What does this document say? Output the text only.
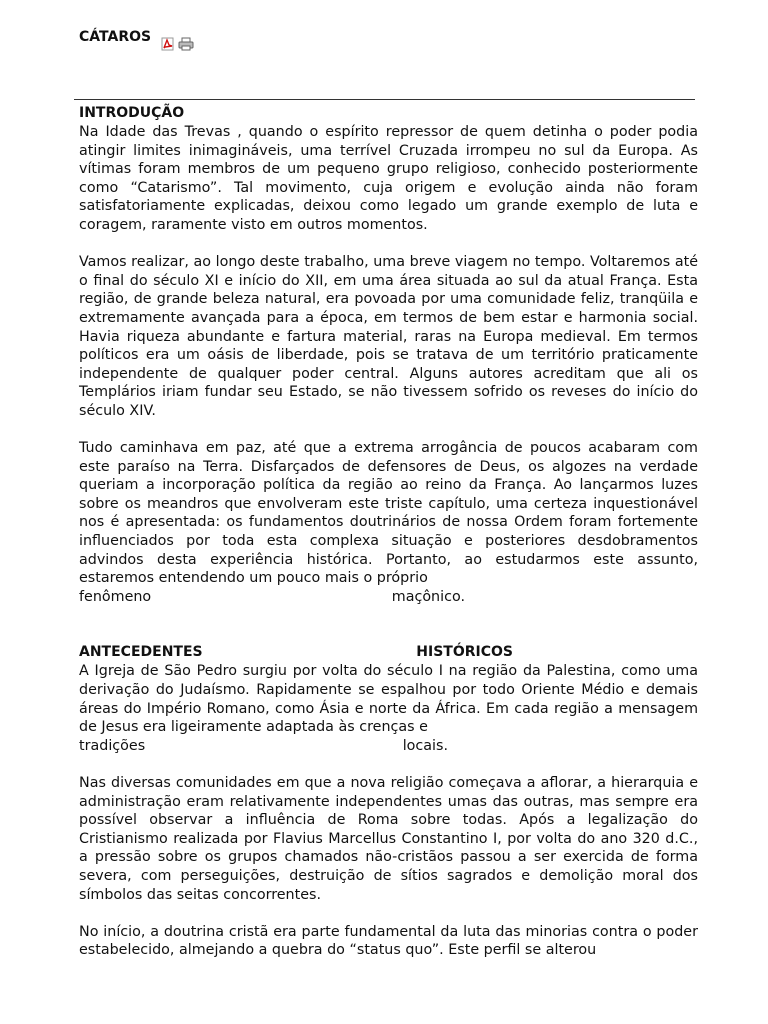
CÁTAROS
INTRODUÇÃO

Na Idade das Trevas , quando o espírito repressor de quem detinha o poder podia atingir limites inimagináveis, uma terrível Cruzada irrompeu no sul da Europa. As vítimas foram membros de um pequeno grupo religioso, conhecido posteriormente como “Catarismo”. Tal movimento, cuja origem e evolução ainda não foram satisfatoriamente explicadas, deixou como legado um grande exemplo de luta e coragem, raramente visto em outros momentos.

Vamos realizar, ao longo deste trabalho, uma breve viagem no tempo. Voltaremos até o final do século XI e início do XII, em uma área situada ao sul da atual França. Esta região, de grande beleza natural, era povoada por uma comunidade feliz, tranqüila e extremamente avançada para a época, em termos de bem estar e harmonia social. Havia riqueza abundante e fartura material, raras na Europa medieval. Em termos políticos era um oásis de liberdade, pois se tratava de um território praticamente independente de qualquer poder central. Alguns autores acreditam que ali os Templários iriam fundar seu Estado, se não tivessem sofrido os reveses do início do século XIV.

Tudo caminhava em paz, até que a extrema arrogância de poucos acabaram com este paraíso na Terra. Disfarçados de defensores de Deus, os algozes na verdade queriam a incorporação política da região ao reino da França. Ao lançarmos luzes sobre os meandros que envolveram este triste capítulo, uma certeza inquestionável nos é apresentada: os fundamentos doutrinários de nossa Ordem foram fortemente influenciados por toda esta complexa situação e posteriores desdobramentos advindos desta experiência histórica. Portanto, ao estudarmos este assunto, estaremos entendendo um pouco mais o próprio

fenômeno	maçônico.

ANTECEDENTES	HISTÓRICOS

A Igreja de São Pedro surgiu por volta do século I na região da Palestina, como uma derivação do Judaísmo. Rapidamente se espalhou por todo Oriente Médio e demais áreas do Império Romano, como Ásia e norte da África. Em cada região a mensagem de Jesus era ligeiramente adaptada às crenças e

tradições	locais.

Nas diversas comunidades em que a nova religião começava a aflorar, a hierarquia e administração eram relativamente independentes umas das outras, mas sempre era possível observar a influência de Roma sobre todas. Após a legalização do Cristianismo realizada por Flavius Marcellus Constantino I, por volta do ano 320 d.C., a pressão sobre os grupos chamados não-cristãos passou a ser exercida de forma severa, com perseguições, destruição de sítios sagrados e demolição moral dos símbolos das seitas concorrentes.

No início, a doutrina cristã era parte fundamental da luta das minorias contra o poder estabelecido, almejando a quebra do “status quo”. Este perfil se alterou
